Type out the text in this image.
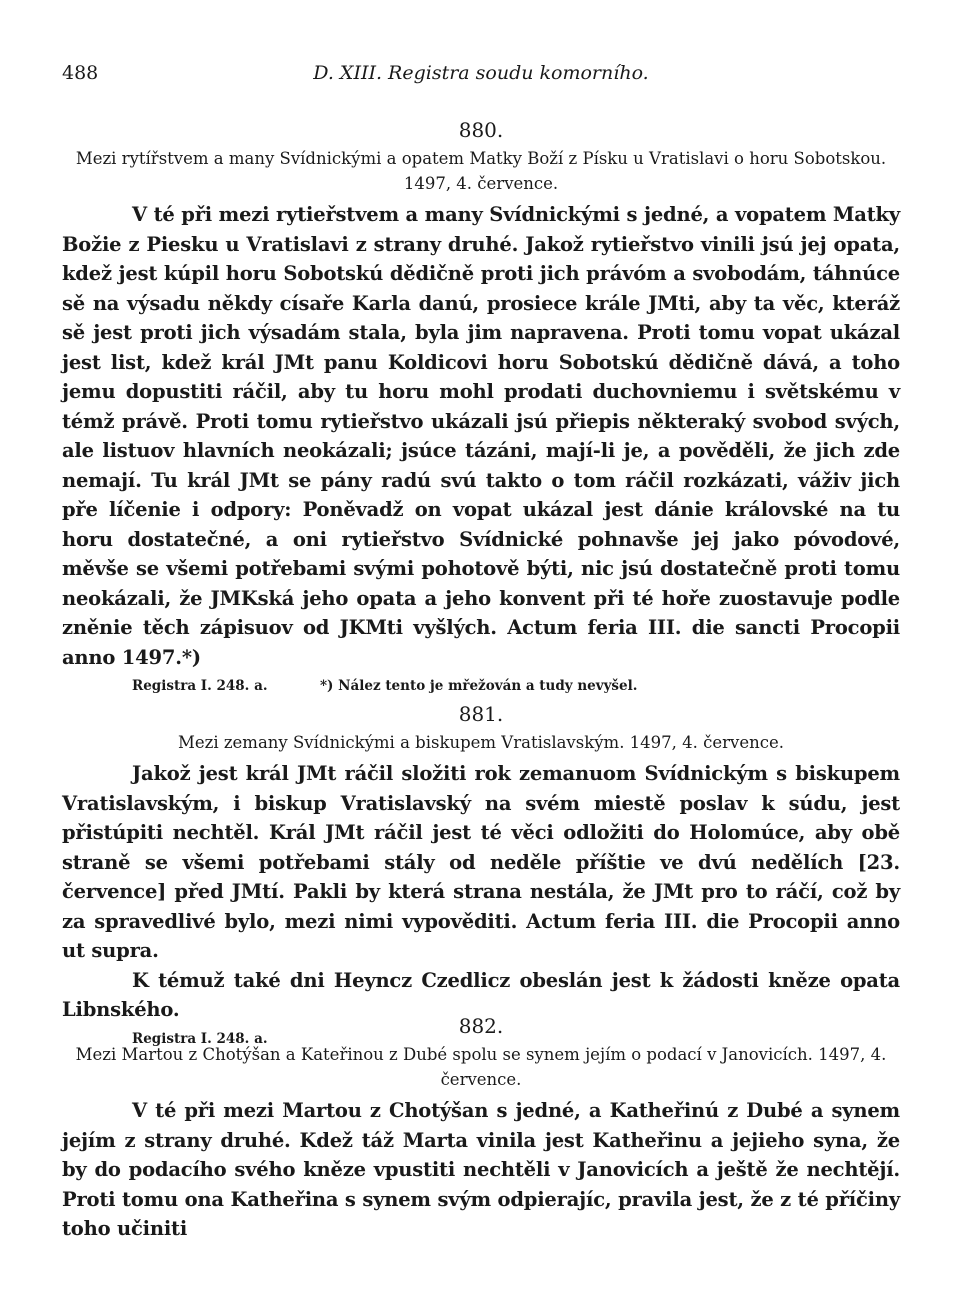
488	D. XIII. Registra soudu komorního.
880.
Mezi rytířstvem a many Svídnickými a opatem Matky Boží z Písku u Vratislavi o horu Sobotskou. 1497, 4. července.

V té při mezi rytieřstvem a many Svídnickými s jedné, a vopatem Matky Božie z Piesku u Vratislavi z strany druhé. Jakož rytieřstvo vinili jsú jej opata, kdež jest kúpil horu Sobotskú dědičně proti jich právóm a svobodám, táhnúce sě na výsadu někdy císaře Karla danú, prosiece krále JMti, aby ta věc, kteráž sě jest proti jich výsadám stala, byla jim napravena. Proti tomu vopat ukázal jest list, kdež král JMt panu Koldicovi horu Sobotskú dědičně dává, a toho jemu dopustiti ráčil, aby tu horu mohl prodati duchovniemu i světskému v témž právě. Proti tomu rytieřstvo ukázali jsú přiepis některaký svobod svých, ale listuov hlavních neokázali; jsúce tázáni, mají-li je, a pověděli, že jich zde nemají. Tu král JMt se pány radú svú takto o tom ráčil rozkázati, váživ jich pře líčenie i odpory: Poněvadž on vopat ukázal jest dánie královské na tu horu dostatečné, a oni rytieřstvo Svídnické pohnavše jej jako póvodové, měvše se všemi potřebami svými pohotově býti, nic jsú dostatečně proti tomu neokázali, že JMKská jeho opata a jeho konvent při té hoře zuostavuje podle zněnie těch zápisuov od JKMti vyšlých. Actum feria III. die sancti Procopii anno 1497.*)

Registra I. 248. a.	*) Nález tento je mřežován a tudy nevyšel.
881.
Mezi zemany Svídnickými a biskupem Vratislavským. 1497, 4. července.

Jakož jest král JMt ráčil složiti rok zemanuom Svídnickým s biskupem Vratislavským, i biskup Vratislavský na svém miestě poslav k súdu, jest přistúpiti nechtěl. Král JMt ráčil jest té věci odložiti do Holomúce, aby obě straně se všemi potřebami stály od neděle příštie ve dvú nedělích [23. července] před JMtí. Pakli by která strana nestála, že JMt pro to ráčí, což by za spravedlivé bylo, mezi nimi vypověditi. Actum feria III. die Procopii anno ut supra.

K témuž také dni Heyncz Czedlicz obeslán jest k žádosti kněze opata Libnského.

Registra I. 248. a.
882.
Mezi Martou z Chotýšan a Kateřinou z Dubé spolu se synem jejím o podací v Janovicích. 1497, 4. července.

V té při mezi Martou z Chotýšan s jedné, a Katheřinú z Dubé a synem jejím z strany druhé. Kdež táž Marta vinila jest Katheřinu a jejieho syna, že by do podacího svého kněze vpustiti nechtěli v Janovicích a ještě že nechtějí. Proti tomu ona Katheřina s synem svým odpierajíc, pravila jest, že z té příčiny toho učiniti
